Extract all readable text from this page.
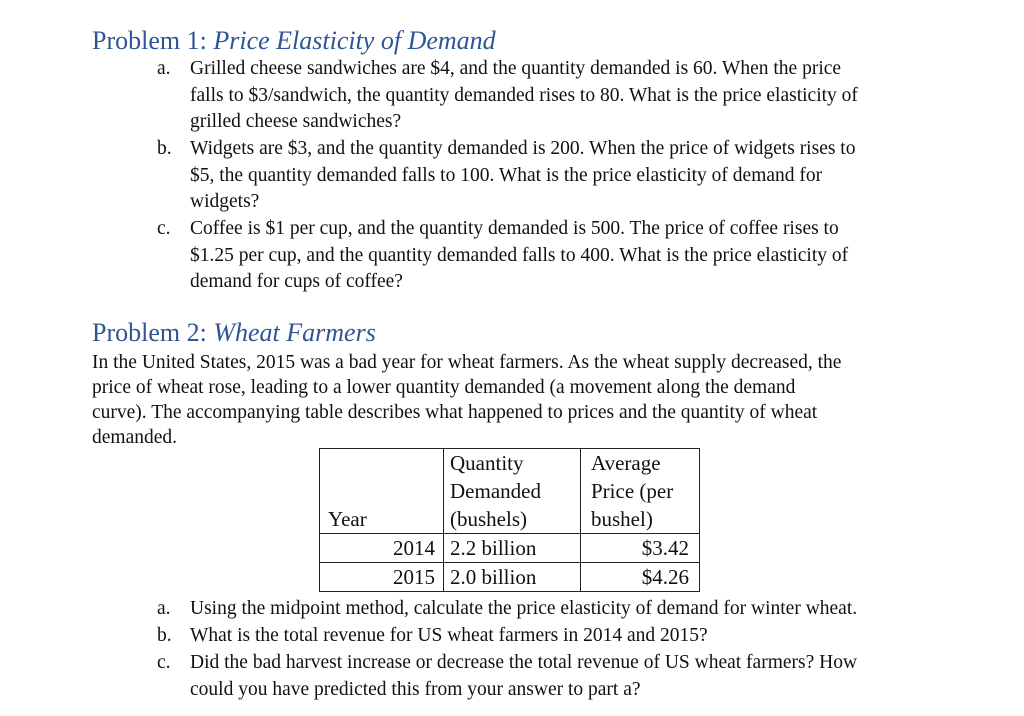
Problem 1: Price Elasticity of Demand
a. Grilled cheese sandwiches are $4, and the quantity demanded is 60. When the price
falls to $3/sandwich, the quantity demanded rises to 80. What is the price elasticity of
grilled cheese sandwiches?
b. Widgets are $3, and the quantity demanded is 200. When the price of widgets rises to
$5, the quantity demanded falls to 100. What is the price elasticity of demand for
widgets?
c. Coffee is $1 per cup, and the quantity demanded is 500. The price of coffee rises to
$1.25 per cup, and the quantity demanded falls to 400. What is the price elasticity of
demand for cups of coffee?
Problem 2: Wheat Farmers
In the United States, 2015 was a bad year for wheat farmers. As the wheat supply decreased, the
price of wheat rose, leading to a lower quantity demanded (a movement along the demand
curve). The accompanying table describes what happened to prices and the quantity of wheat
demanded.
Year	Quantity
Demanded
(bushels)	Average
Price (per
bushel)

2014	2.2 billion	$3.42
2015	2.0 billion	$4.26
a. Using the midpoint method, calculate the price elasticity of demand for winter wheat.
b. What is the total revenue for US wheat farmers in 2014 and 2015?
c. Did the bad harvest increase or decrease the total revenue of US wheat farmers? How
could you have predicted this from your answer to part a?
